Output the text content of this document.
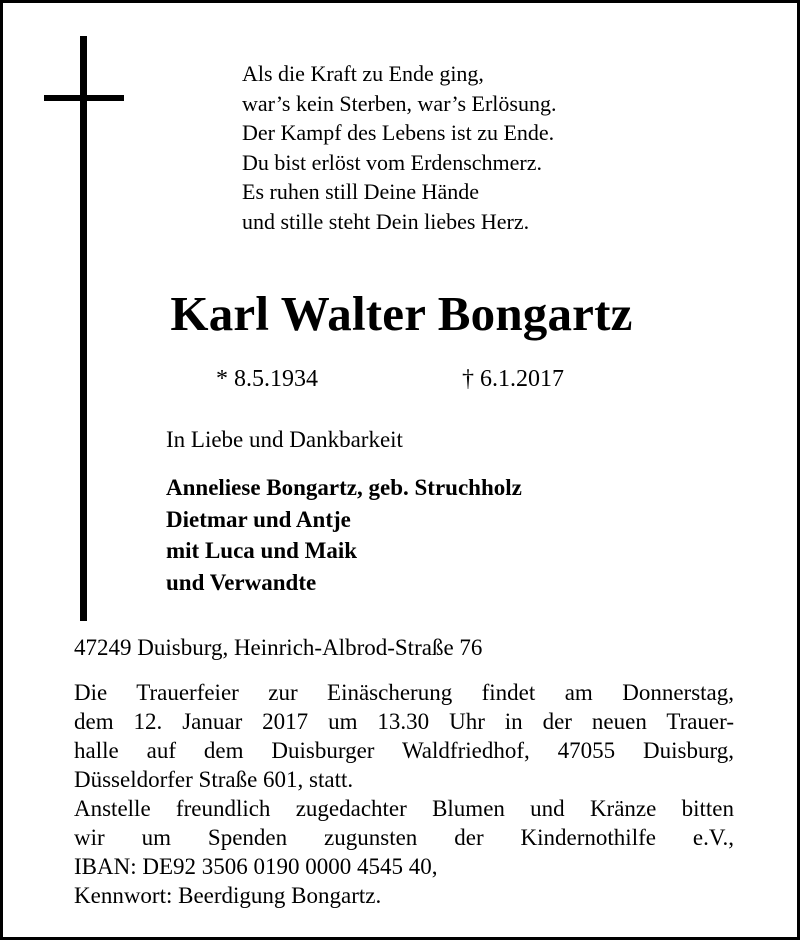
Als die Kraft zu Ende ging,
war’s kein Sterben, war’s Erlösung.
Der Kampf des Lebens ist zu Ende.
Du bist erlöst vom Erdenschmerz.
Es ruhen still Deine Hände
und stille steht Dein liebes Herz.
Karl Walter Bongartz
* 8.5.1934	† 6.1.2017
In Liebe und Dankbarkeit
Anneliese Bongartz, geb. Struchholz
Dietmar und Antje
mit Luca und Maik
und Verwandte
47249 Duisburg, Heinrich-Albrod-Straße 76
Die Trauerfeier zur Einäscherung findet am Donnerstag,
dem 12. Januar 2017 um 13.30 Uhr in der neuen Trauer-
halle auf dem Duisburger Waldfriedhof, 47055 Duisburg,
Düsseldorfer Straße 601, statt.
Anstelle freundlich zugedachter Blumen und Kränze bitten
wir um Spenden zugunsten der Kindernothilfe e.V.,
IBAN: DE92 3506 0190 0000 4545 40,
Kennwort: Beerdigung Bongartz.
